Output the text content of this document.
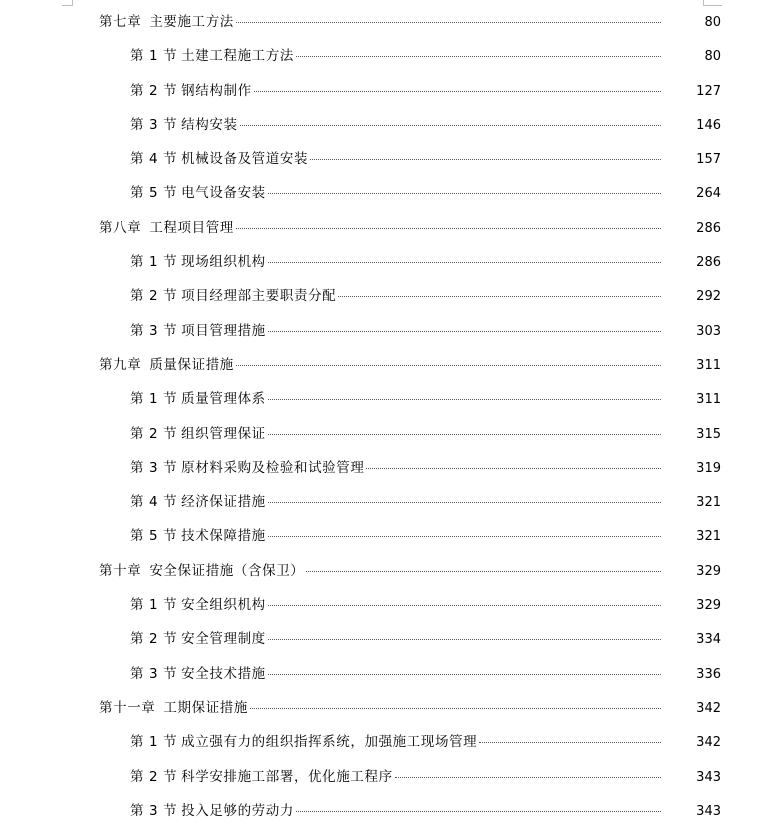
第七章 主要施工方法	80
第 1 节 土建工程施工方法	80
第 2 节 钢结构制作	127
第 3 节 结构安装	146
第 4 节 机械设备及管道安装	157
第 5 节 电气设备安装	264
第八章 工程项目管理	286
第 1 节 现场组织机构	286
第 2 节 项目经理部主要职责分配	292
第 3 节 项目管理措施	303
第九章 质量保证措施	311
第 1 节 质量管理体系	311
第 2 节 组织管理保证	315
第 3 节 原材料采购及检验和试验管理	319
第 4 节 经济保证措施	321
第 5 节 技术保障措施	321
第十章 安全保证措施（含保卫）	329
第 1 节 安全组织机构	329
第 2 节 安全管理制度	334
第 3 节 安全技术措施	336
第十一章 工期保证措施	342
第 1 节 成立强有力的组织指挥系统，加强施工现场管理	342
第 2 节 科学安排施工部署，优化施工程序	343
第 3 节 投入足够的劳动力	343
